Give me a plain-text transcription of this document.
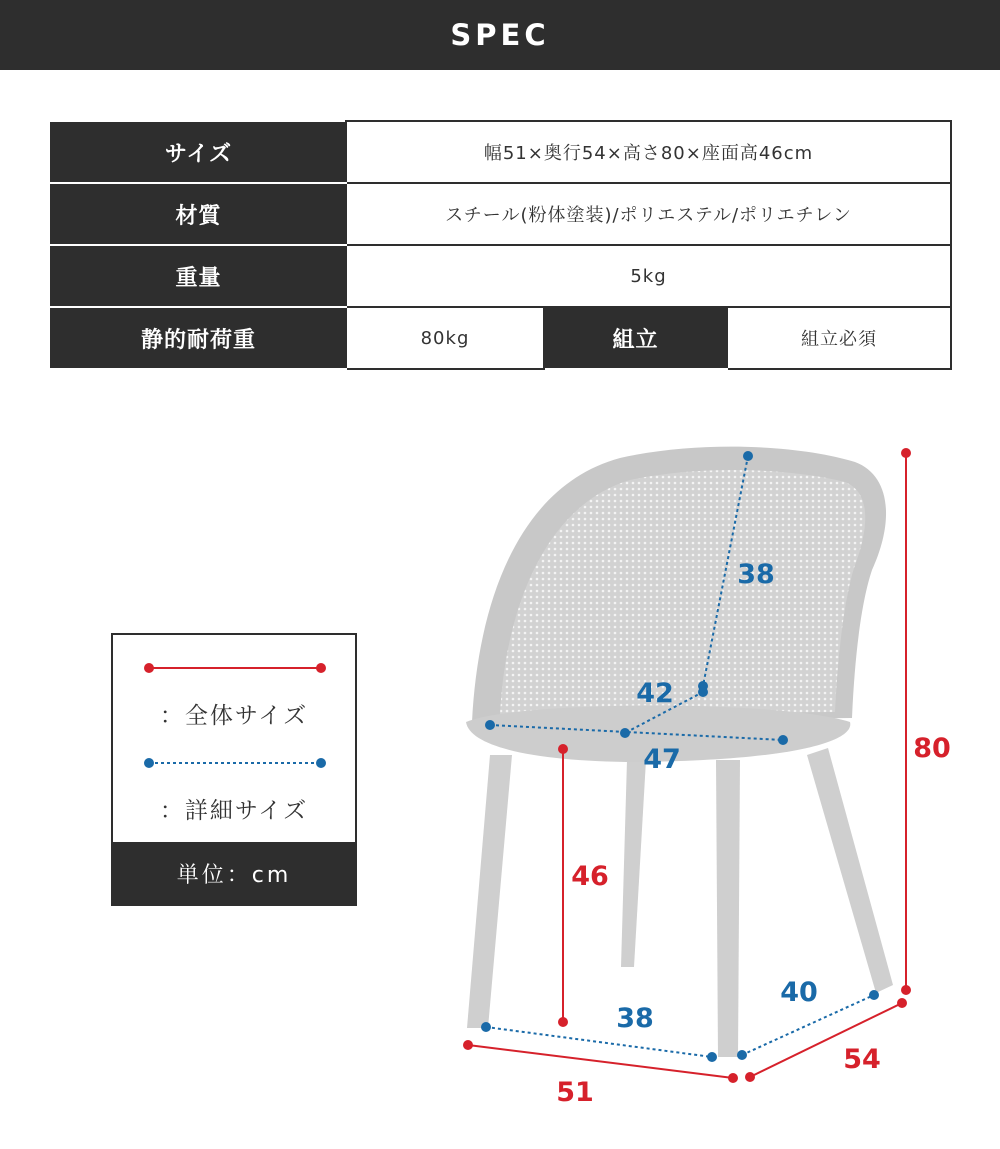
SPEC
サイズ	幅51×奥行54×高さ80×座面高46cm		
材質	スチール(粉体塗装)/ポリエステル/ポリエチレン		
重量	5kg		
静的耐荷重	80kg	組立	組立必須
：全体サイズ
：詳細サイズ
単位：cm
80
46
51
54
38
42
47
38
40
